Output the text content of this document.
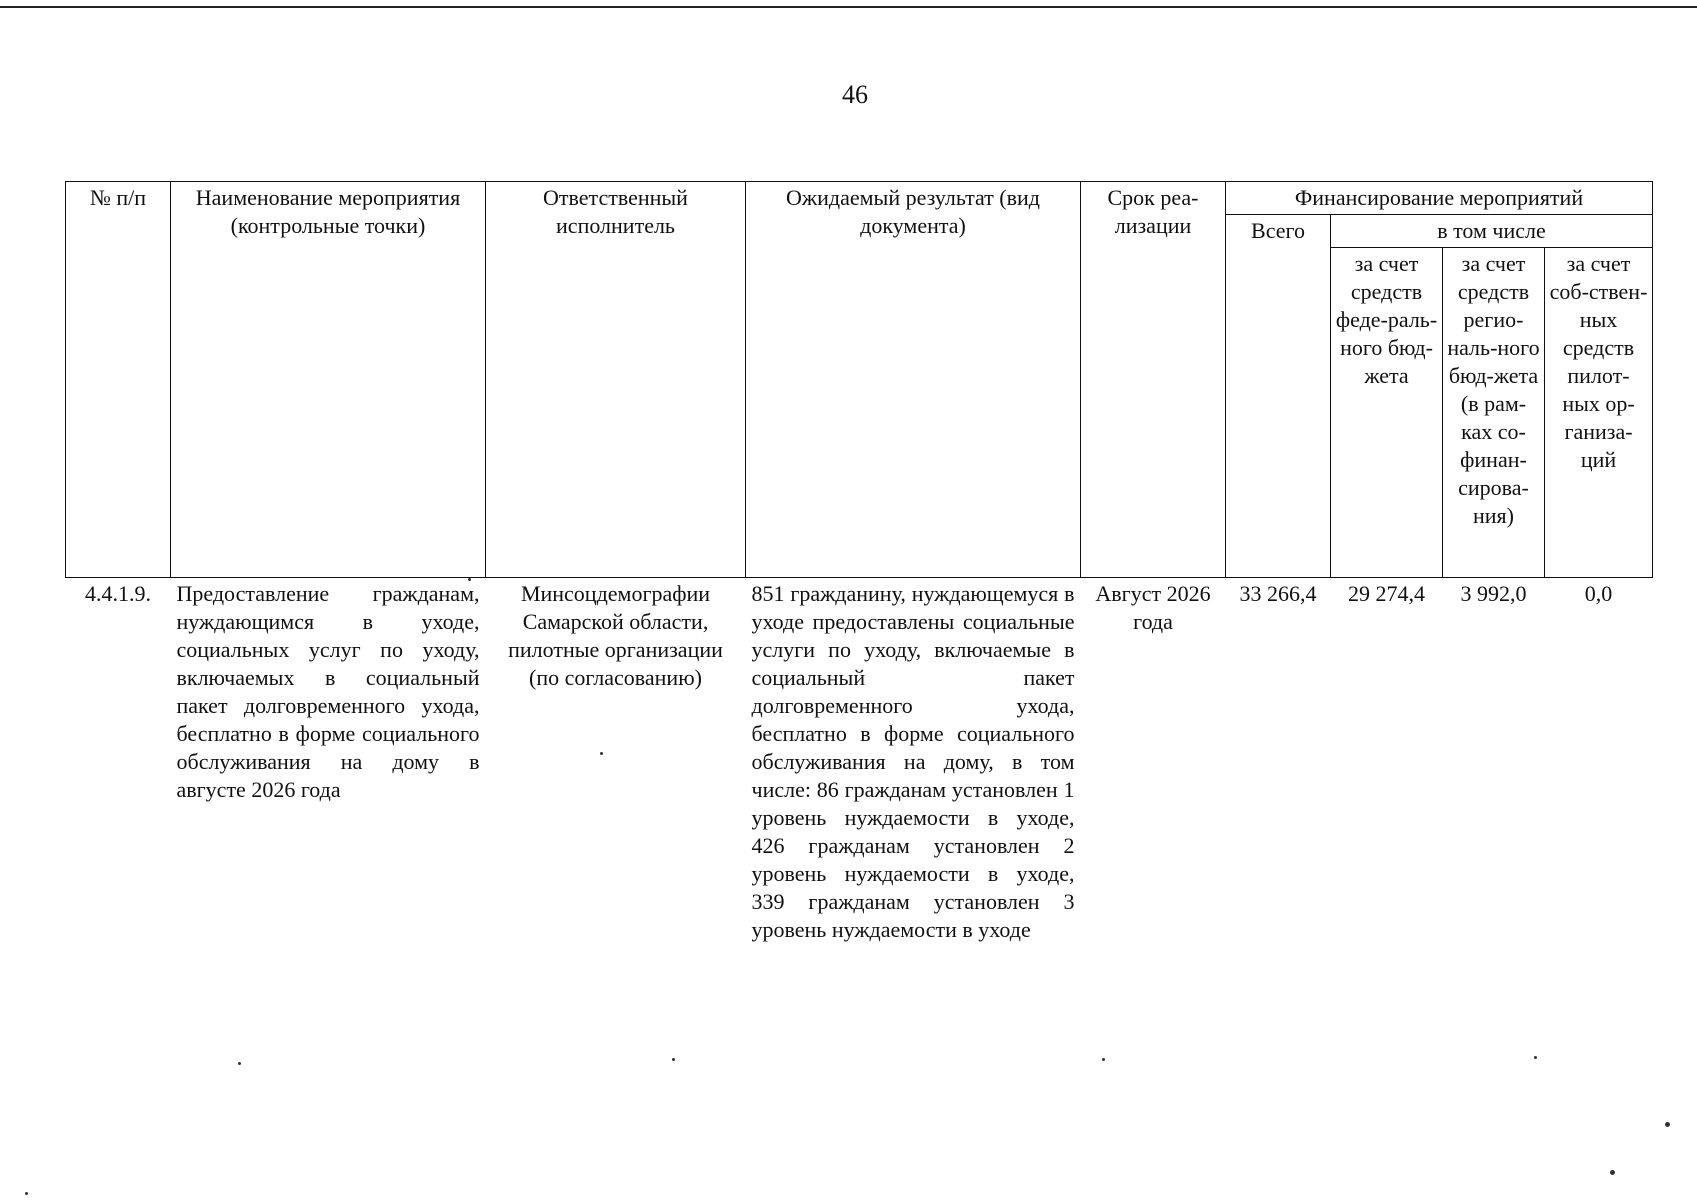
46
№ п/п	Наименование мероприятия (контрольные точки)	Ответственный исполнитель	Ожидаемый результат (вид документа)	Срок реа-лизации	Финансирование мероприятий			
					Всего	в том числе		
						за счет средств феде-раль-ного бюд-жета	за счет средств регио-наль-ного бюд-жета (в рам-ках со-финан-сирова-ния)	за счет соб-ствен-ных средств пилот-ных ор-ганиза-ций
4.4.1.9.	Предоставление гражданам, нуждающимся в уходе, социальных услуг по уходу, включаемых в социальный пакет долговременного ухода, бесплатно в форме социального обслуживания на дому в августе 2026 года	Минсоцдемографии Самарской области, пилотные организации (по согласованию)	851 гражданину, нуждающемуся в уходе предоставлены социальные услуги по уходу, включаемые в социальный пакет долговременного ухода, бесплатно в форме социального обслуживания на дому, в том числе: 86 гражданам установлен 1 уровень нуждаемости в уходе, 426 гражданам установлен 2 уровень нуждаемости в уходе, 339 гражданам установлен 3 уровень нуждаемости в уходе	Август 2026 года	33 266,4	29 274,4	3 992,0	0,0
